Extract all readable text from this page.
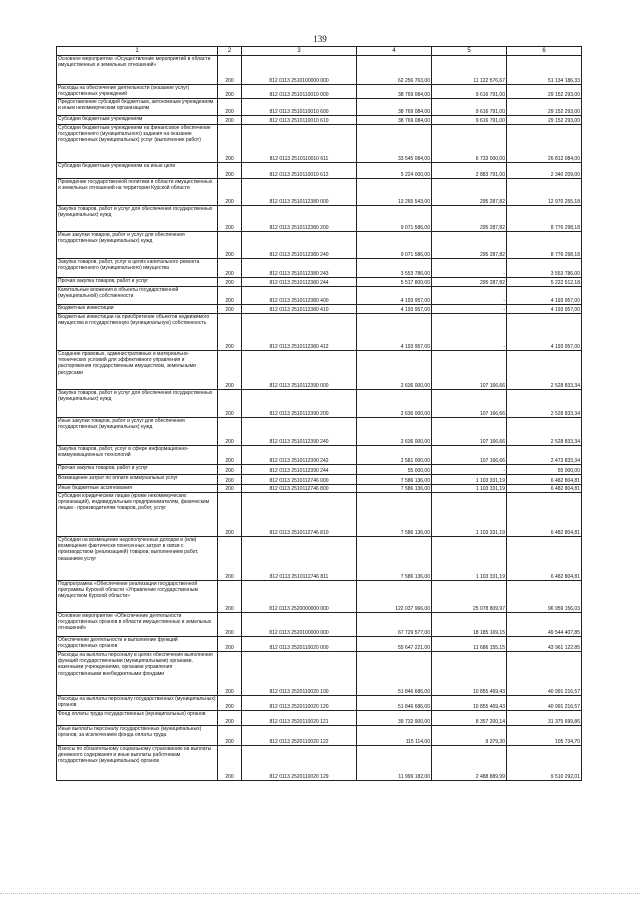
139
1	2	3	4	5	6
Основное мероприятие «Осуществление мероприятий в области имущественных и земельных отношений»	200	812 0113 2510100000 000	62 256 763,00	11 122 576,67	51 134 186,33
Расходы на обеспечение деятельности (оказание услуг) государственных учреждений	200	812 0113 2510110010 000	38 769 084,00	9 616 791,00	29 152 293,00
Предоставление субсидий бюджетным, автономным учреждениям и иным некоммерческим организациям	200	812 0113 2510110010 600	38 769 084,00	9 616 791,00	29 152 293,00
Субсидии бюджетным учреждениям	200	812 0113 2510110010 610	38 769 084,00	9 616 791,00	29 152 293,00
Субсидии бюджетным учреждениям на финансовое обеспечение государственного (муниципального) задания на оказание государственных (муниципальных) услуг (выполнение работ)	200	812 0113 2510110010 611	33 545 084,00	6 733 000,00	26 812 084,00
Субсидии бюджетным учреждениям на иные цели	200	812 0113 2510110010 612	5 224 000,00	2 883 791,00	2 340 209,00
Проведение государственной политики в области имущественных и земельных отношений на территории Курской области	200	812 0113 2510112380 000	13 265 543,00	295 287,82	12 970 255,18
Закупка товаров, работ и услуг для обеспечения государственных (муниципальных) нужд	200	812 0113 2510112380 200	9 071 586,00	295 287,82	8 776 298,18
Иные закупки товаров, работ и услуг для обеспечения государственных (муниципальных) нужд	200	812 0113 2510112380 240	9 071 586,00	295 287,82	8 776 298,18
Закупка товаров, работ, услуг в целях капитального ремонта государственного (муниципального) имущества	200	812 0113 2510112380 243	3 553 786,00	-	3 553 786,00
Прочая закупка товаров, работ и услуг	200	812 0113 2510112380 244	5 517 800,00	295 287,82	5 222 512,18
Капитальные вложения в объекты государственной (муниципальной) собственности	200	812 0113 2510112380 400	4 193 957,00	-	4 193 957,00
Бюджетные инвестиции	200	812 0113 2510112380 410	4 193 957,00	-	4 193 957,00
Бюджетные инвестиции на приобретение объектов недвижимого имущества в государственную (муниципальную) собственность	200	812 0113 2510112380 412	4 193 957,00	-	4 193 957,00
Создание правовых, административных и материально-технических условий для эффективного управления и распоряжения государственным имуществом, земельными ресурсами	200	812 0113 2510112390 000	2 636 000,00	107 166,66	2 528 833,34
Закупка товаров, работ и услуг для обеспечения государственных (муниципальных) нужд	200	812 0113 2510112390 200	2 636 000,00	107 166,66	2 528 833,34
Иные закупки товаров, работ и услуг для обеспечения государственных (муниципальных) нужд	200	812 0113 2510112390 240	2 636 000,00	107 166,66	2 528 833,34
Закупка товаров, работ, услуг в сфере информационно-коммуникационных технологий	200	812 0113 2510112390 242	2 581 000,00	107 166,66	2 473 833,34
Прочая закупка товаров, работ и услуг	200	812 0113 2510112390 244	55 000,00	-	55 000,00
Возмещение затрат по оплате коммунальных услуг	200	812 0113 2510112746 000	7 586 136,00	1 103 331,19	6 482 804,81
Иные бюджетные ассигнования	200	812 0113 2510112746 800	7 586 136,00	1 103 331,19	6 482 804,81
Субсидии юридическим лицам (кроме некоммерческих организаций), индивидуальным предпринимателям, физическим лицам - производителям товаров, работ, услуг	200	812 0113 2510112746 810	7 586 136,00	1 103 331,19	6 482 804,81
Субсидии на возмещение недополученных доходов и (или) возмещение фактически понесенных затрат в связи с производством (реализацией) товаров, выполнением работ, оказанием услуг	200	812 0113 2510112746 811	7 586 136,00	1 103 331,19	6 482 804,81
Подпрограмма «Обеспечение реализации государственной программы Курской области «Управление государственным имуществом Курской области»	200	812 0113 2520000000 000	122 037 966,00	25 078 809,97	96 959 156,03
Основное мероприятие «Обеспечение деятельности государственных органов в области имущественных и земельных отношений»	200	812 0113 2520100000 000	67 729 577,00	18 185 169,15	49 544 407,85
Обеспечение деятельности и выполнение функций государственных органов	200	812 0113 2520110020 000	55 647 221,00	11 686 155,15	43 961 122,85
Расходы на выплаты персоналу в целях обеспечения выполнения функций государственными (муниципальными) органами, казенными учреждениями, органами управления государственными внебюджетными фондами	200	812 0113 2520110020 100	51 846 686,00	10 855 469,43	40 991 216,57
Расходы на выплаты персоналу государственных (муниципальных) органов	200	812 0113 2520110020 120	51 846 686,00	10 855 469,43	40 991 216,57
Фонд оплаты труда государственных (муниципальных) органов	200	812 0113 2520110020 121	39 732 900,00	8 357 200,14	31 375 699,86
Иные выплаты персоналу государственных (муниципальных) органов, за исключением фонда оплаты труда	200	812 0113 2520110020 122	115 114,00	9 379,30	105 734,70
Взносы по обязательному социальному страхованию на выплаты денежного содержания и иные выплаты работникам государственных (муниципальных) органов	200	812 0113 2520110020 129	11 999 182,00	2 488 889,99	9 510 292,01
